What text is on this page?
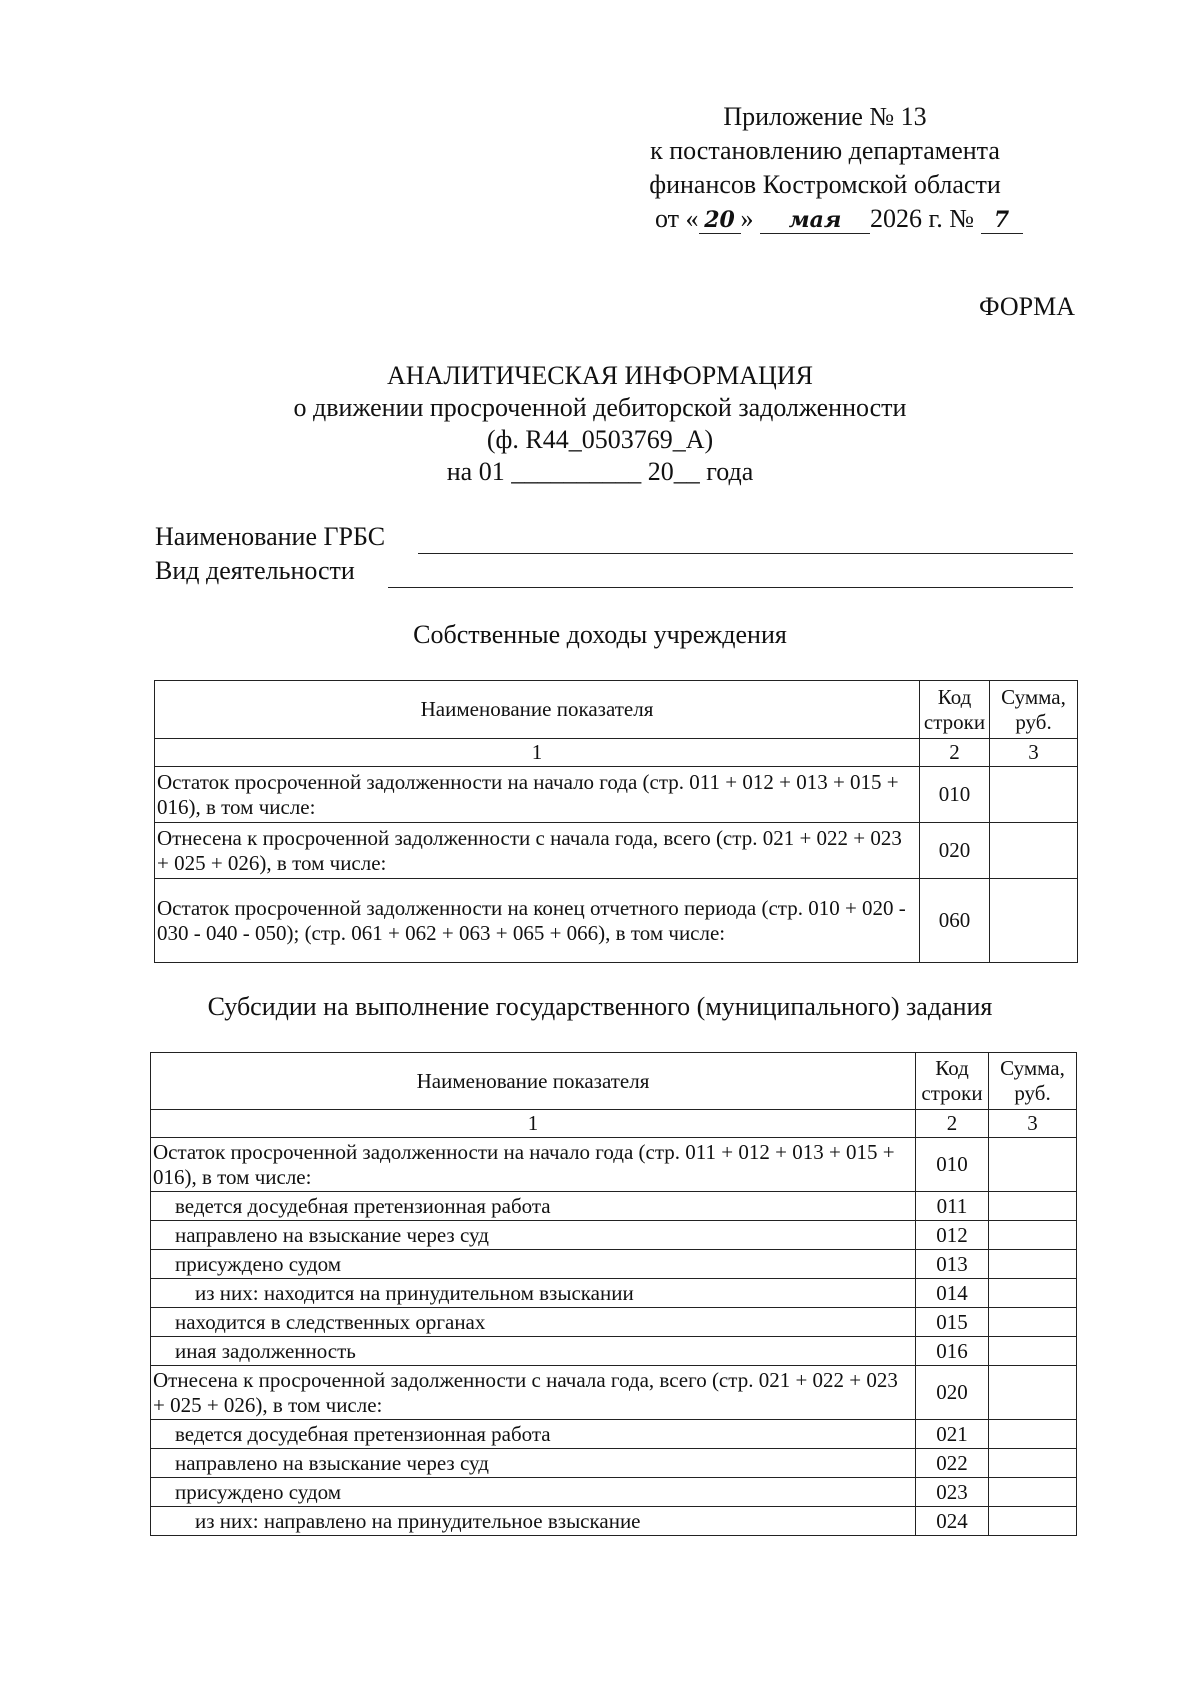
Приложение № 13
к постановлению департамента
финансов Костромской области
от « 20 » мая 2026 г. № 7
ФОРМА
АНАЛИТИЧЕСКАЯ ИНФОРМАЦИЯ
о движении просроченной дебиторской задолженности
(ф. R44_0503769_А)
на 01 __________ 20__ года
Наименование ГРБС
Вид деятельности
Собственные доходы учреждения
Наименование показателя	Код строки	Сумма, руб.
1	2	3
Остаток просроченной задолженности на начало года (стр. 011 + 012 + 013 + 015 + 016), в том числе:	010	
Отнесена к просроченной задолженности с начала года, всего (стр. 021 + 022 + 023 + 025 + 026), в том числе:	020	
Остаток просроченной задолженности на конец отчетного периода (стр. 010 + 020 - 030 - 040 - 050); (стр. 061 + 062 + 063 + 065 + 066), в том числе:	060	
Субсидии на выполнение государственного (муниципального) задания
Наименование показателя	Код строки	Сумма, руб.
1	2	3
Остаток просроченной задолженности на начало года (стр. 011 + 012 + 013 + 015 + 016), в том числе:	010	
ведется досудебная претензионная работа	011	
направлено на взыскание через суд	012	
присуждено судом	013	
из них: находится на принудительном взыскании	014	
находится в следственных органах	015	
иная задолженность	016	
Отнесена к просроченной задолженности с начала года, всего (стр. 021 + 022 + 023 + 025 + 026), в том числе:	020	
ведется досудебная претензионная работа	021	
направлено на взыскание через суд	022	
присуждено судом	023	
из них: направлено на принудительное взыскание	024	
